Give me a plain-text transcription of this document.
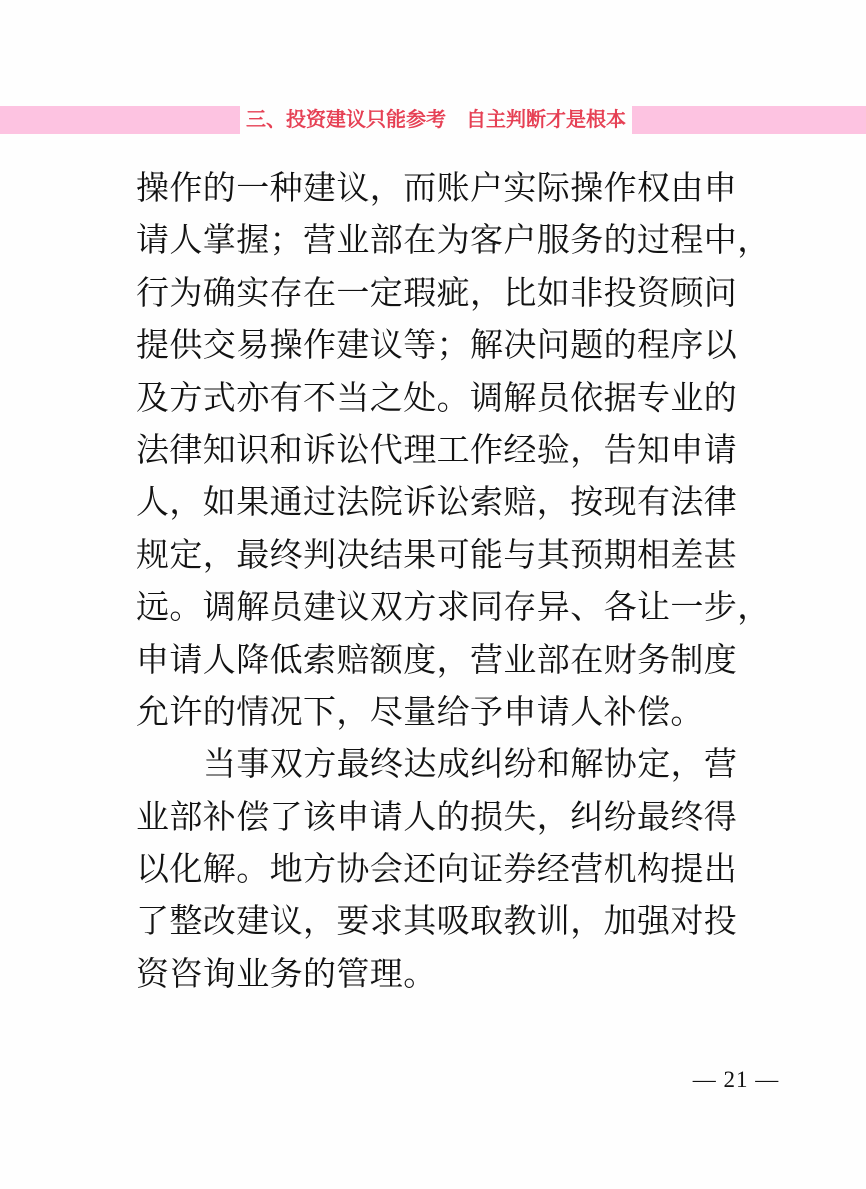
三、投资建议只能参考　自主判断才是根本
操作的一种建议，而账户实际操作权由申
请人掌握；营业部在为客户服务的过程中，
行为确实存在一定瑕疵，比如非投资顾问
提供交易操作建议等；解决问题的程序以
及方式亦有不当之处。调解员依据专业的
法律知识和诉讼代理工作经验，告知申请
人，如果通过法院诉讼索赔，按现有法律
规定，最终判决结果可能与其预期相差甚
远。调解员建议双方求同存异、各让一步，
申请人降低索赔额度，营业部在财务制度
允许的情况下，尽量给予申请人补偿。
当事双方最终达成纠纷和解协定，营
业部补偿了该申请人的损失，纠纷最终得
以化解。地方协会还向证券经营机构提出
了整改建议，要求其吸取教训，加强对投
资咨询业务的管理。
— 21 —
